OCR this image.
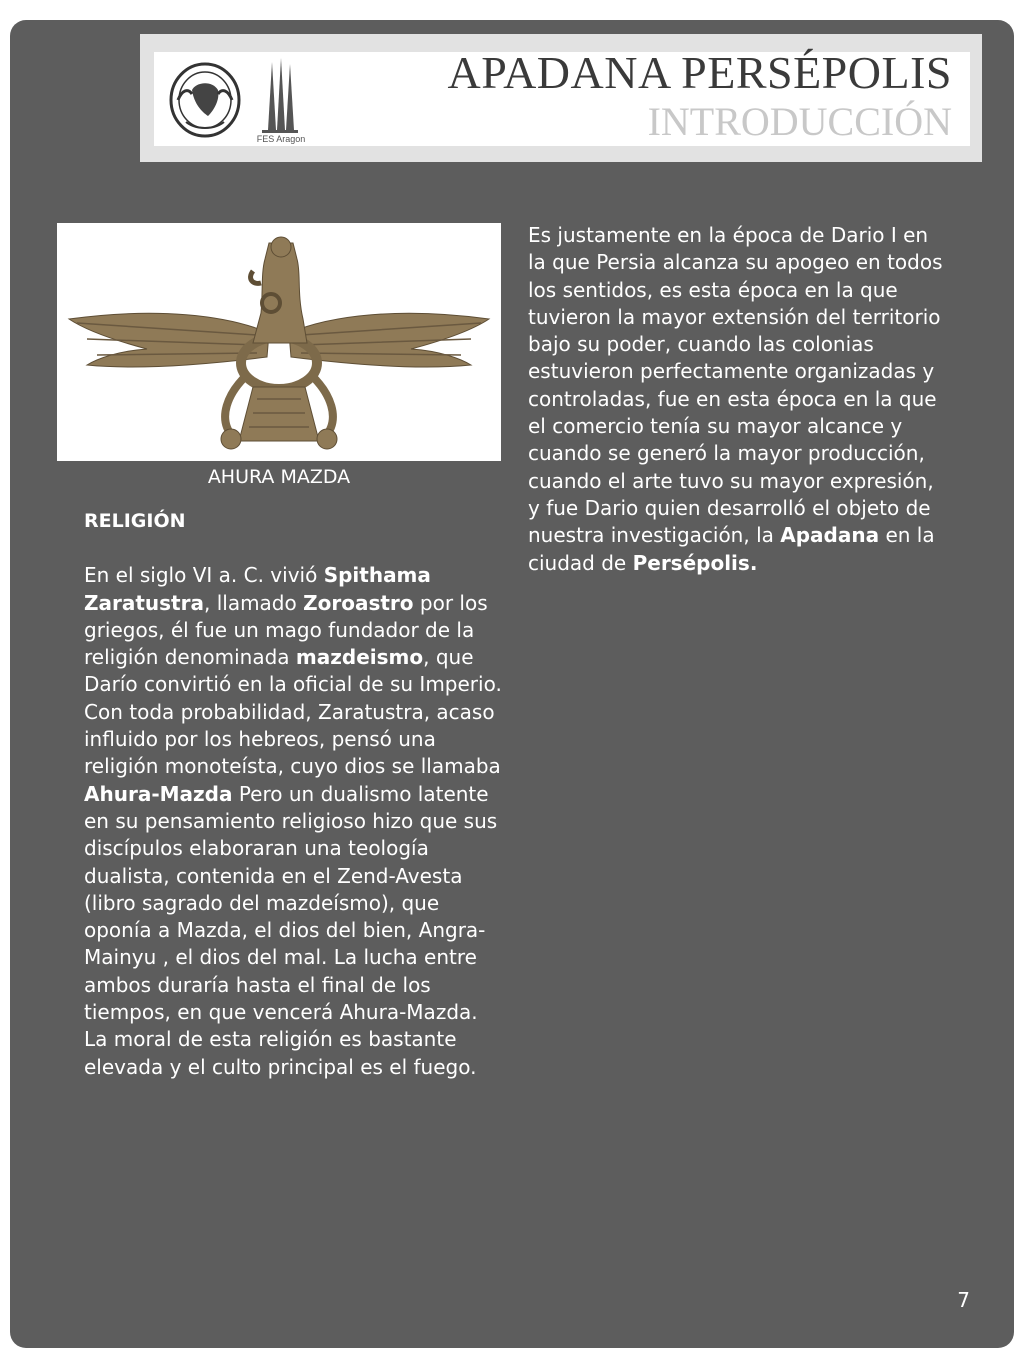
FES Aragon
APADANA PERSÉPOLIS
INTRODUCCIÓN
AHURA MAZDA

RELIGIÓN

En el siglo VI a. C. vivió Spithama Zaratustra, llamado Zoroastro por los griegos, él fue un mago fundador de la religión denominada mazdeismo, que Darío convirtió en la oficial de su Imperio. Con toda probabilidad, Zaratustra, acaso influido por los hebreos, pensó una religión monoteísta, cuyo dios se llamaba Ahura-Mazda Pero un dualismo latente en su pensamiento religioso hizo que sus discípulos elaboraran una teología dualista, contenida en el Zend-Avesta (libro sagrado del mazdeísmo), que oponía a Mazda, el dios del bien, Angra-Mainyu , el dios del mal. La lucha entre ambos duraría hasta el final de los tiempos, en que vencerá Ahura-Mazda. La moral de esta religión es bastante elevada y el culto principal es el fuego.

Es justamente en la época de Dario I en la que Persia alcanza su apogeo en todos los sentidos, es esta época en la que tuvieron la mayor extensión del territorio bajo su poder, cuando las colonias estuvieron perfectamente organizadas y controladas, fue en esta época en la que el comercio tenía su mayor alcance y cuando se generó la mayor producción, cuando el arte tuvo su mayor expresión, y fue Dario quien desarrolló el objeto de nuestra investigación, la Apadana en la ciudad de Persépolis.

7
